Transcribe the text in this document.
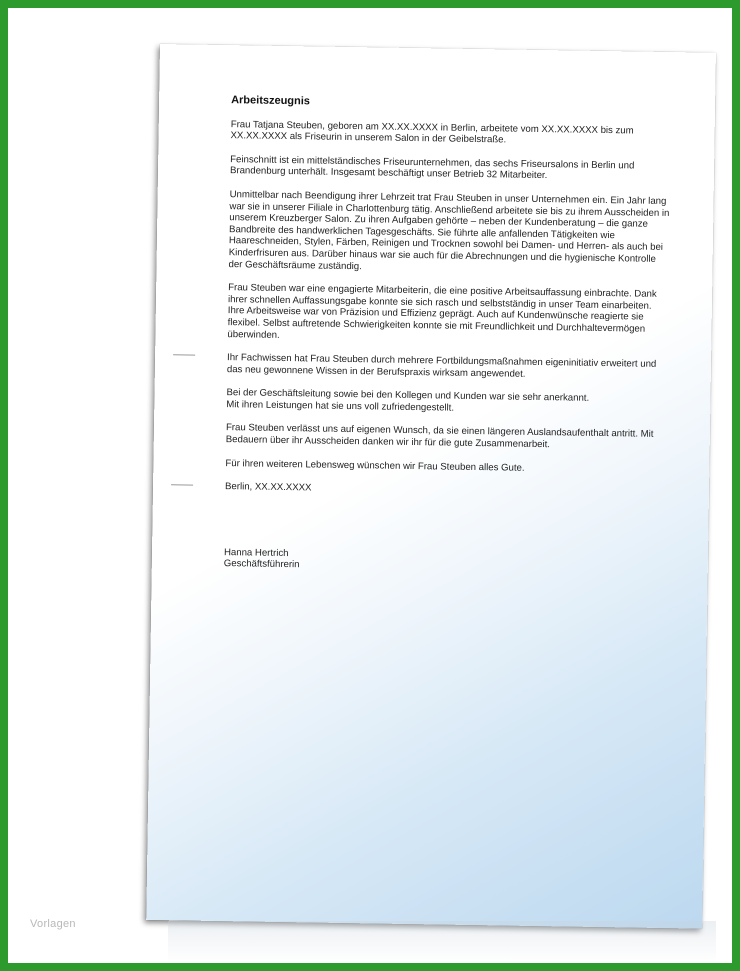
Arbeitszeugnis

Frau Tatjana Steuben, geboren am XX.XX.XXXX in Berlin, arbeitete vom XX.XX.XXXX bis zum XX.XX.XXXX als Friseurin in unserem Salon in der Geibelstraße.

Feinschnitt ist ein mittelständisches Friseurunternehmen, das sechs Friseursalons in Berlin und Brandenburg unterhält. Insgesamt beschäftigt unser Betrieb 32 Mitarbeiter.

Unmittelbar nach Beendigung ihrer Lehrzeit trat Frau Steuben in unser Unternehmen ein. Ein Jahr lang war sie in unserer Filiale in Charlottenburg tätig. Anschließend arbeitete sie bis zu ihrem Ausscheiden in unserem Kreuzberger Salon. Zu ihren Aufgaben gehörte – neben der Kundenberatung – die ganze Bandbreite des handwerklichen Tagesgeschäfts. Sie führte alle anfallenden Tätigkeiten wie Haareschneiden, Stylen, Färben, Reinigen und Trocknen sowohl bei Damen- und Herren- als auch bei Kinderfrisuren aus. Darüber hinaus war sie auch für die Abrechnungen und die hygienische Kontrolle der Geschäftsräume zuständig.

Frau Steuben war eine engagierte Mitarbeiterin, die eine positive Arbeitsauffassung einbrachte. Dank ihrer schnellen Auffassungsgabe konnte sie sich rasch und selbstständig in unser Team einarbeiten. Ihre Arbeitsweise war von Präzision und Effizienz geprägt. Auch auf Kundenwünsche reagierte sie flexibel. Selbst auftretende Schwierigkeiten konnte sie mit Freundlichkeit und Durchhaltevermögen überwinden.

Ihr Fachwissen hat Frau Steuben durch mehrere Fortbildungsmaßnahmen eigeninitiativ erweitert und das neu gewonnene Wissen in der Berufspraxis wirksam angewendet.

Bei der Geschäftsleitung sowie bei den Kollegen und Kunden war sie sehr anerkannt.
Mit ihren Leistungen hat sie uns voll zufriedengestellt.

Frau Steuben verlässt uns auf eigenen Wunsch, da sie einen längeren Auslandsaufenthalt antritt. Mit Bedauern über ihr Ausscheiden danken wir ihr für die gute Zusammenarbeit.

Für ihren weiteren Lebensweg wünschen wir Frau Steuben alles Gute.

Berlin, XX.XX.XXXX

Hanna Hertrich

Geschäftsführerin

Vorlagen
